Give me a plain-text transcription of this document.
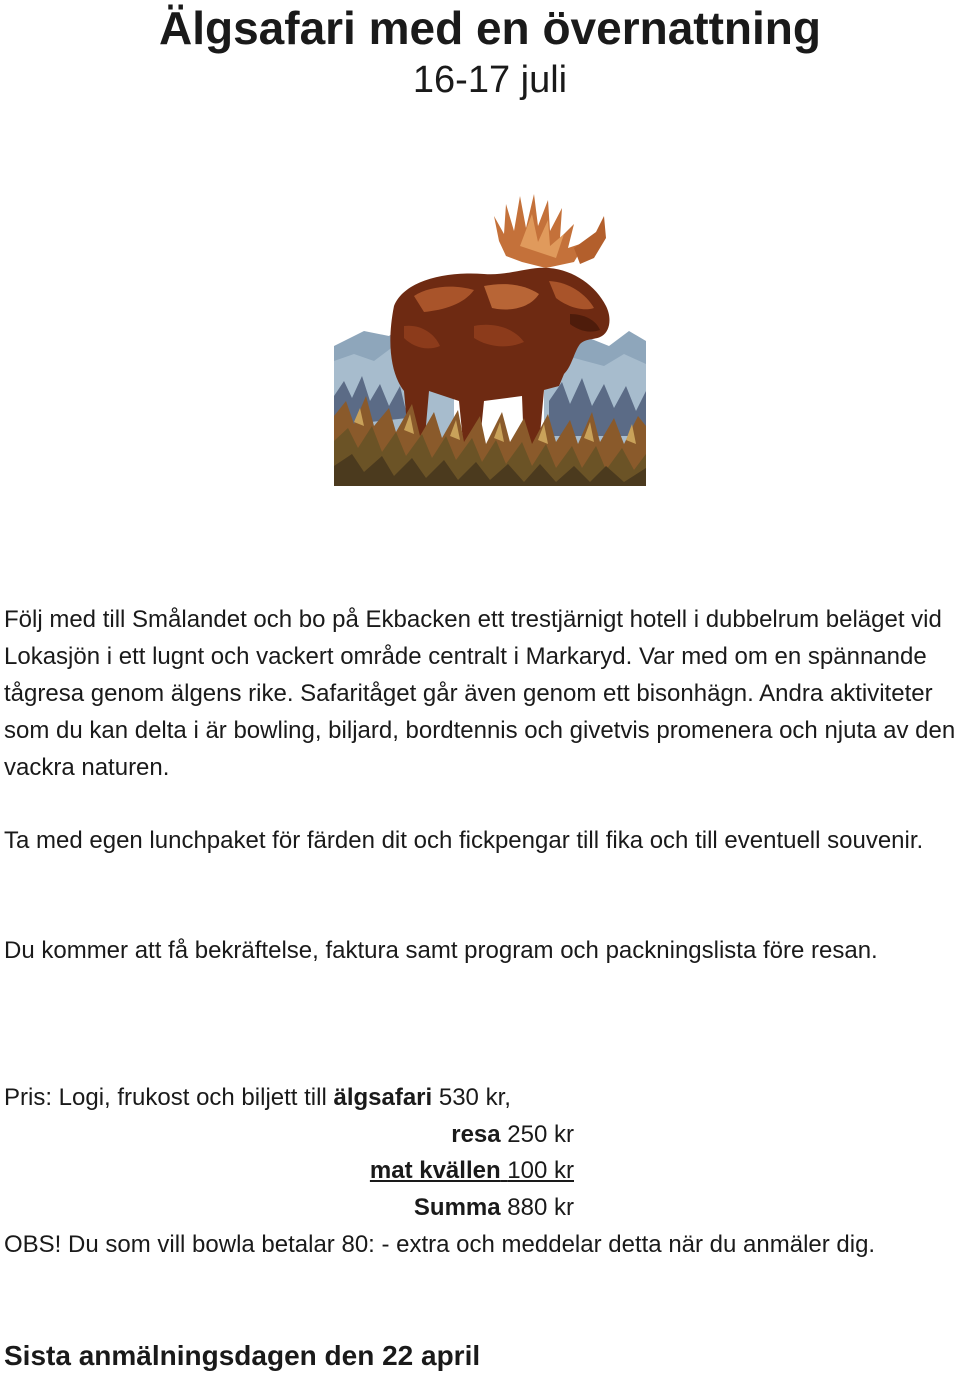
Älgsafari med en övernattning
16-17 juli

Följ med till Smålandet och bo på Ekbacken ett trestjärnigt hotell i dubbelrum beläget vid Lokasjön i ett lugnt och vackert område centralt i Markaryd. Var med om en spännande tågresa genom älgens rike. Safaritåget går även genom ett bisonhägn. Andra aktiviteter som du kan delta i är bowling, biljard, bordtennis och givetvis promenera och njuta av den vackra naturen.

Ta med egen lunchpaket för färden dit och fickpengar till fika och till eventuell souvenir.

Du kommer att få bekräftelse, faktura samt program och packningslista före resan.

Pris: Logi, frukost och biljett till älgsafari 530 kr,
resa 250 kr
mat kvällen 100 kr
Summa 880 kr

OBS! Du som vill bowla betalar 80: - extra och meddelar detta när du anmäler dig.

Sista anmälningsdagen den 22 april
